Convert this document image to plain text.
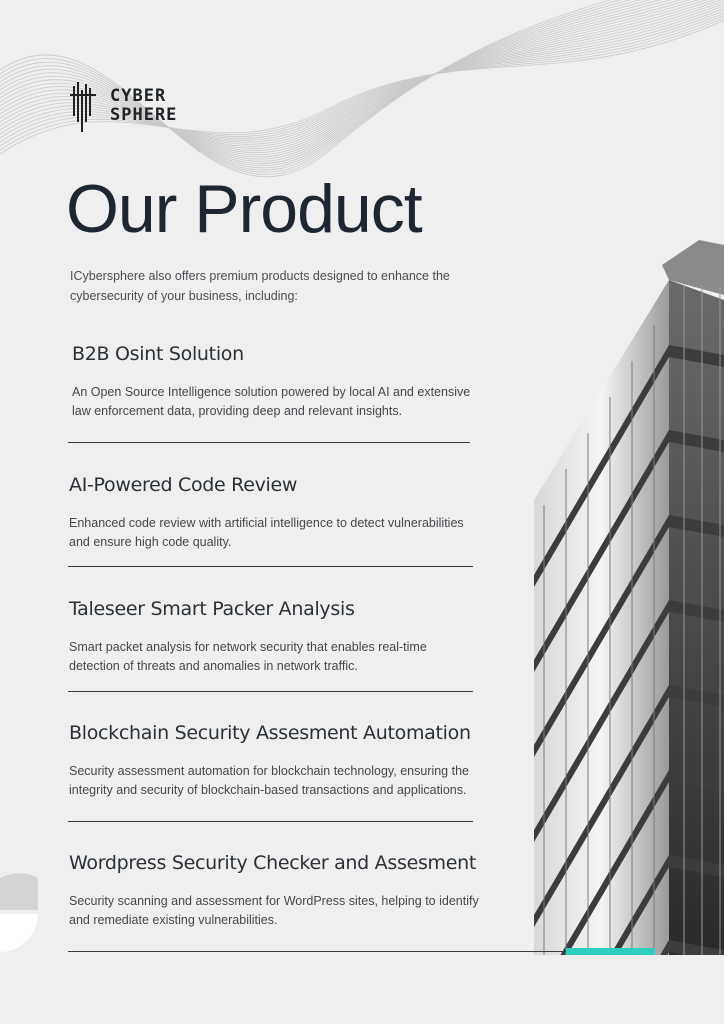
CYBER
SPHERE
Our Product

ICybersphere also offers premium products designed to enhance the cybersecurity of your business, including:

B2B Osint Solution

An Open Source Intelligence solution powered by local AI and extensive law enforcement data, providing deep and relevant insights.

AI-Powered Code Review

Enhanced code review with artificial intelligence to detect vulnerabilities and ensure high code quality.

Taleseer Smart Packer Analysis

Smart packet analysis for network security that enables real-time detection of threats and anomalies in network traffic.

Blockchain Security Assesment Automation

Security assessment automation for blockchain technology, ensuring the integrity and security of blockchain-based transactions and applications.

Wordpress Security Checker and Assesment

Security scanning and assessment for WordPress sites, helping to identify and remediate existing vulnerabilities.
